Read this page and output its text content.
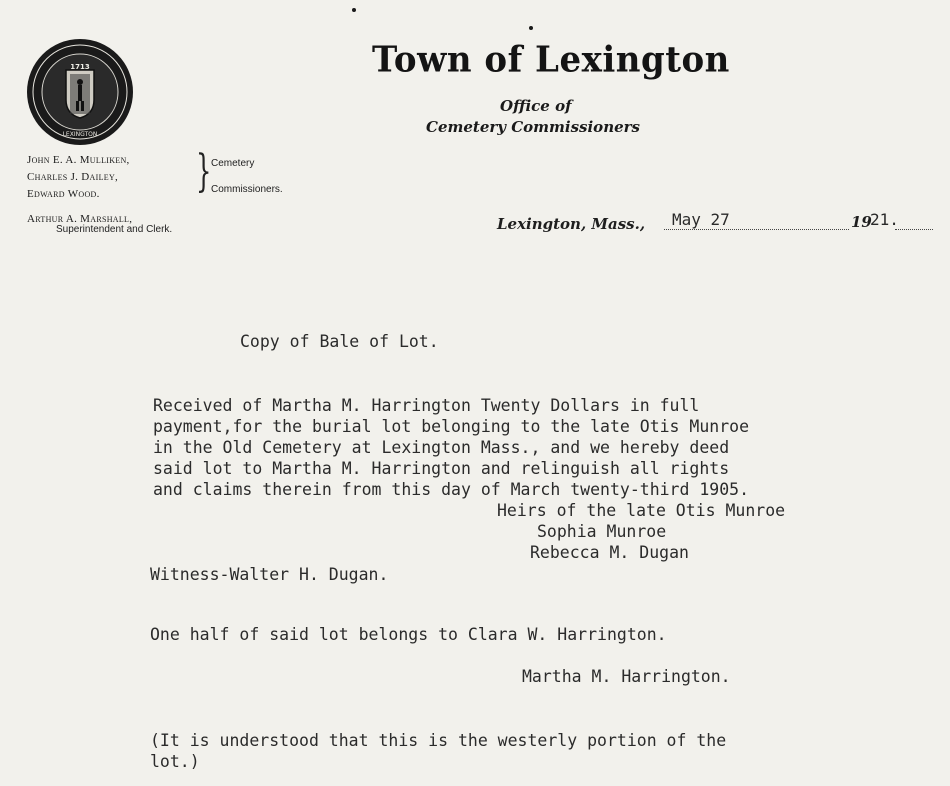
1713
LEXINGTON
Town of Lexington
Office of
Cemetery Commissioners
John E. A. Mulliken,
Charles J. Dailey,
Edward Wood. } Cemetery
Commissioners.
Arthur A. Marshall,
Superintendent and Clerk.	Lexington, Mass., May 27	19
21.
Copy of Bale of Lot.
Received of Martha M. Harrington Twenty Dollars in full
payment,for the burial lot belonging to the late Otis Munroe
in the Old Cemetery at Lexington Mass., and we hereby deed
said lot to Martha M. Harrington and relinguish all rights
and claims therein from this day of March twenty-third 1905.
Heirs of the late Otis Munroe
Sophia Munroe
Rebecca M. Dugan
Witness-Walter H. Dugan.
One half of said lot belongs to Clara W. Harrington.
Martha M. Harrington.
(It is understood that this is the westerly portion of the
lot.)
